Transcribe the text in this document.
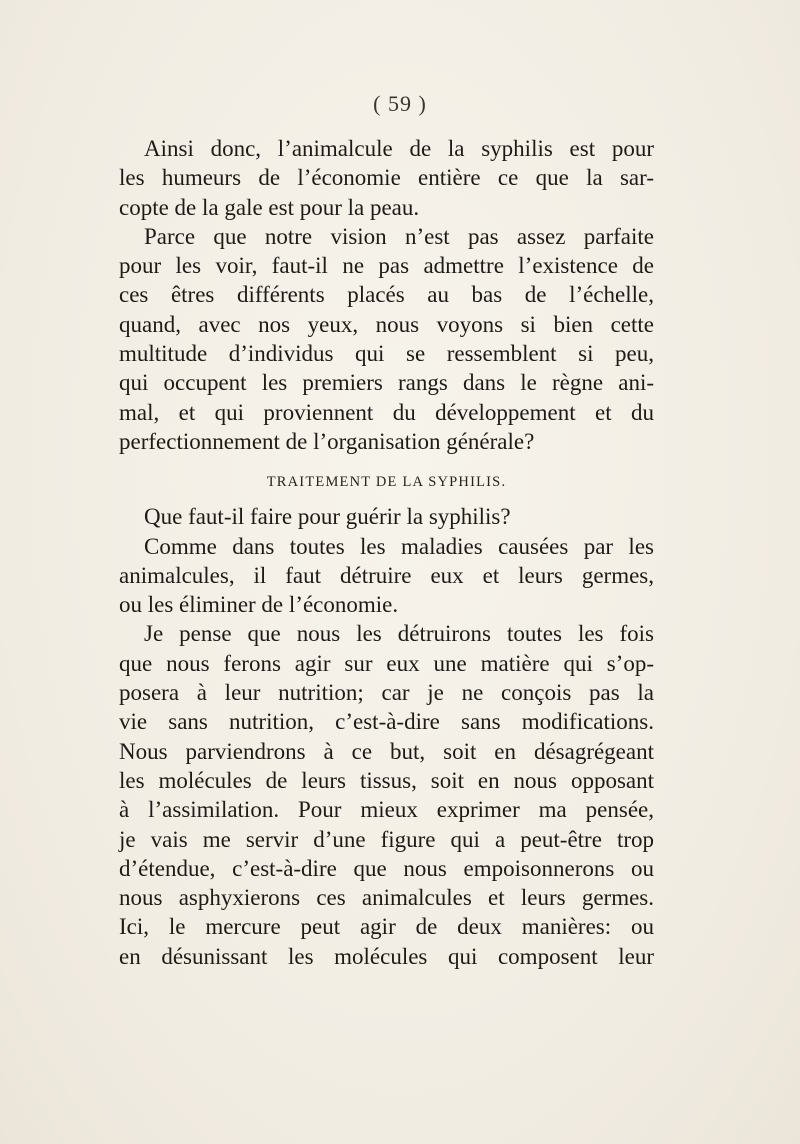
( 59 )
Ainsi donc, l’animalcule de la syphilis est pour
les humeurs de l’économie entière ce que la sar-
copte de la gale est pour la peau.
Parce que notre vision n’est pas assez parfaite
pour les voir, faut-il ne pas admettre l’existence de
ces êtres différents placés au bas de l’échelle,
quand, avec nos yeux, nous voyons si bien cette
multitude d’individus qui se ressemblent si peu,
qui occupent les premiers rangs dans le règne ani-
mal, et qui proviennent du développement et du
perfectionnement de l’organisation générale?
TRAITEMENT DE LA SYPHILIS.
Que faut-il faire pour guérir la syphilis?
Comme dans toutes les maladies causées par les
animalcules, il faut détruire eux et leurs germes,
ou les éliminer de l’économie.
Je pense que nous les détruirons toutes les fois
que nous ferons agir sur eux une matière qui s’op-
posera à leur nutrition; car je ne conçois pas la
vie sans nutrition, c’est-à-dire sans modifications.
Nous parviendrons à ce but, soit en désagrégeant
les molécules de leurs tissus, soit en nous opposant
à l’assimilation. Pour mieux exprimer ma pensée,
je vais me servir d’une figure qui a peut-être trop
d’étendue, c’est-à-dire que nous empoisonnerons ou
nous asphyxierons ces animalcules et leurs germes.
Ici, le mercure peut agir de deux manières: ou
en désunissant les molécules qui composent leur
